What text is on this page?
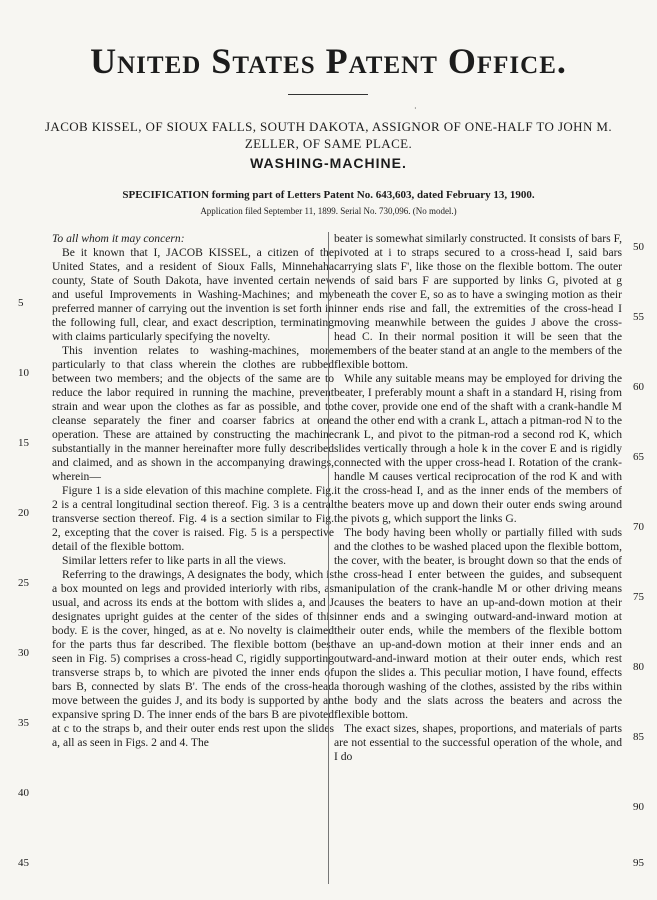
United States Patent Office.
·
JACOB KISSEL, OF SIOUX FALLS, SOUTH DAKOTA, ASSIGNOR OF ONE-HALF TO JOHN M. ZELLER, OF SAME PLACE.
WASHING-MACHINE.
SPECIFICATION forming part of Letters Patent No. 643,603, dated February 13, 1900.
Application filed September 11, 1899. Serial No. 730,096. (No model.)

To all whom it may concern:

Be it known that I, JACOB KISSEL, a citizen of the United States, and a resident of Sioux Falls, Minnehaha county, State of South Dakota, have invented certain new and useful Improvements in Washing-Machines; and my preferred manner of carrying out the invention is set forth in the following full, clear, and exact description, terminating with claims particularly specifying the novelty.

This invention relates to washing-machines, more particularly to that class wherein the clothes are rubbed between two members; and the objects of the same are to reduce the labor required in running the machine, prevent strain and wear upon the clothes as far as possible, and to cleanse separately the finer and coarser fabrics at one operation. These are attained by constructing the machine substantially in the manner hereinafter more fully described and claimed, and as shown in the accompanying drawings, wherein—

Figure 1 is a side elevation of this machine complete. Fig. 2 is a central longitudinal section thereof. Fig. 3 is a central transverse section thereof. Fig. 4 is a section similar to Fig. 2, excepting that the cover is raised. Fig. 5 is a perspective detail of the flexible bottom.

Similar letters refer to like parts in all the views.

Referring to the drawings, A designates the body, which is a box mounted on legs and provided interiorly with ribs, as usual, and across its ends at the bottom with slides a, and J designates upright guides at the center of the sides of this body. E is the cover, hinged, as at e. No novelty is claimed for the parts thus far described. The flexible bottom (best seen in Fig. 5) comprises a cross-head C, rigidly supporting transverse straps b, to which are pivoted the inner ends of bars B, connected by slats B'. The ends of the cross-head move between the guides J, and its body is supported by an expansive spring D. The inner ends of the bars B are pivoted at c to the straps b, and their outer ends rest upon the slides a, all as seen in Figs. 2 and 4. The

beater is somewhat similarly constructed. It consists of bars F, pivoted at i to straps secured to a cross-head I, said bars carrying slats F', like those on the flexible bottom. The outer ends of said bars F are supported by links G, pivoted at g beneath the cover E, so as to have a swinging motion as their inner ends rise and fall, the extremities of the cross-head I moving meanwhile between the guides J above the cross-head C. In their normal position it will be seen that the members of the beater stand at an angle to the members of the flexible bottom.

While any suitable means may be employed for driving the beater, I preferably mount a shaft in a standard H, rising from the cover, provide one end of the shaft with a crank-handle M and the other end with a crank L, attach a pitman-rod N to the crank L, and pivot to the pitman-rod a second rod K, which slides vertically through a hole k in the cover E and is rigidly connected with the upper cross-head I. Rotation of the crank-handle M causes vertical reciprocation of the rod K and with it the cross-head I, and as the inner ends of the members of the beaters move up and down their outer ends swing around the pivots g, which support the links G.

The body having been wholly or partially filled with suds and the clothes to be washed placed upon the flexible bottom, the cover, with the beater, is brought down so that the ends of the cross-head I enter between the guides, and subsequent manipulation of the crank-handle M or other driving means causes the beaters to have an up-and-down motion at their inner ends and a swinging outward-and-inward motion at their outer ends, while the members of the flexible bottom have an up-and-down motion at their inner ends and an outward-and-inward motion at their outer ends, which rest upon the slides a. This peculiar motion, I have found, effects a thorough washing of the clothes, assisted by the ribs within the body and the slats across the beaters and across the flexible bottom.

The exact sizes, shapes, proportions, and materials of parts are not essential to the successful operation of the whole, and I do

5
10
15
20
25
30
35
40
45
50
55
60
65
70
75
80
85
90
95
